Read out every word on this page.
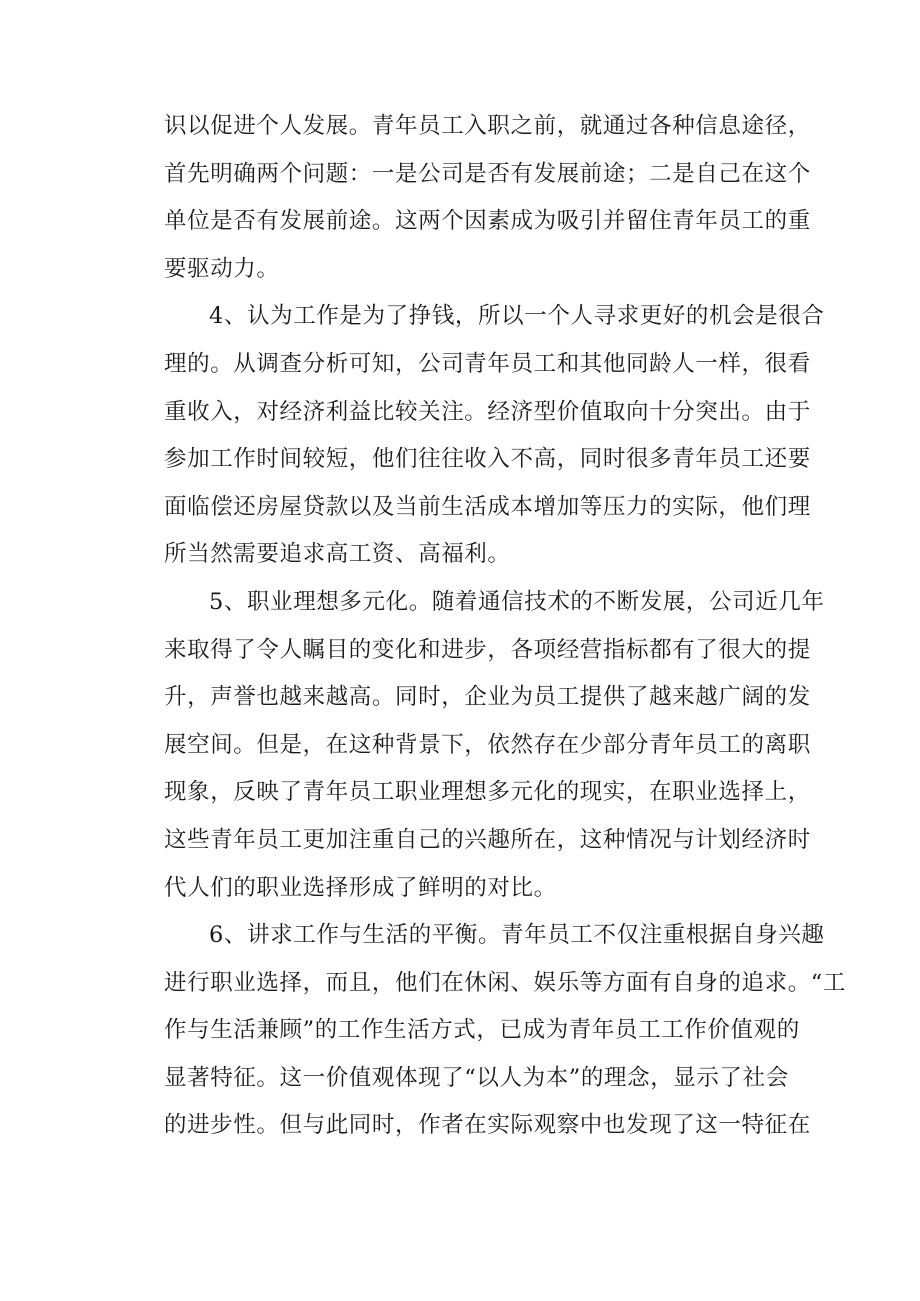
识以促进个人发展。青年员工入职之前，就通过各种信息途径，
首先明确两个问题：一是公司是否有发展前途；二是自己在这个
单位是否有发展前途。这两个因素成为吸引并留住青年员工的重
要驱动力。
4、认为工作是为了挣钱，所以一个人寻求更好的机会是很合
理的。从调查分析可知，公司青年员工和其他同龄人一样，很看
重收入，对经济利益比较关注。经济型价值取向十分突出。由于
参加工作时间较短，他们往往收入不高，同时很多青年员工还要
面临偿还房屋贷款以及当前生活成本增加等压力的实际，他们理
所当然需要追求高工资、高福利。
5、职业理想多元化。随着通信技术的不断发展，公司近几年
来取得了令人瞩目的变化和进步，各项经营指标都有了很大的提
升，声誉也越来越高。同时，企业为员工提供了越来越广阔的发
展空间。但是，在这种背景下，依然存在少部分青年员工的离职
现象，反映了青年员工职业理想多元化的现实，在职业选择上，
这些青年员工更加注重自己的兴趣所在，这种情况与计划经济时
代人们的职业选择形成了鲜明的对比。
6、讲求工作与生活的平衡。青年员工不仅注重根据自身兴趣
进行职业选择，而且，他们在休闲、娱乐等方面有自身的追求。“工
作与生活兼顾”的工作生活方式，已成为青年员工工作价值观的
显著特征。这一价值观体现了“以人为本”的理念，显示了社会
的进步性。但与此同时，作者在实际观察中也发现了这一特征在
